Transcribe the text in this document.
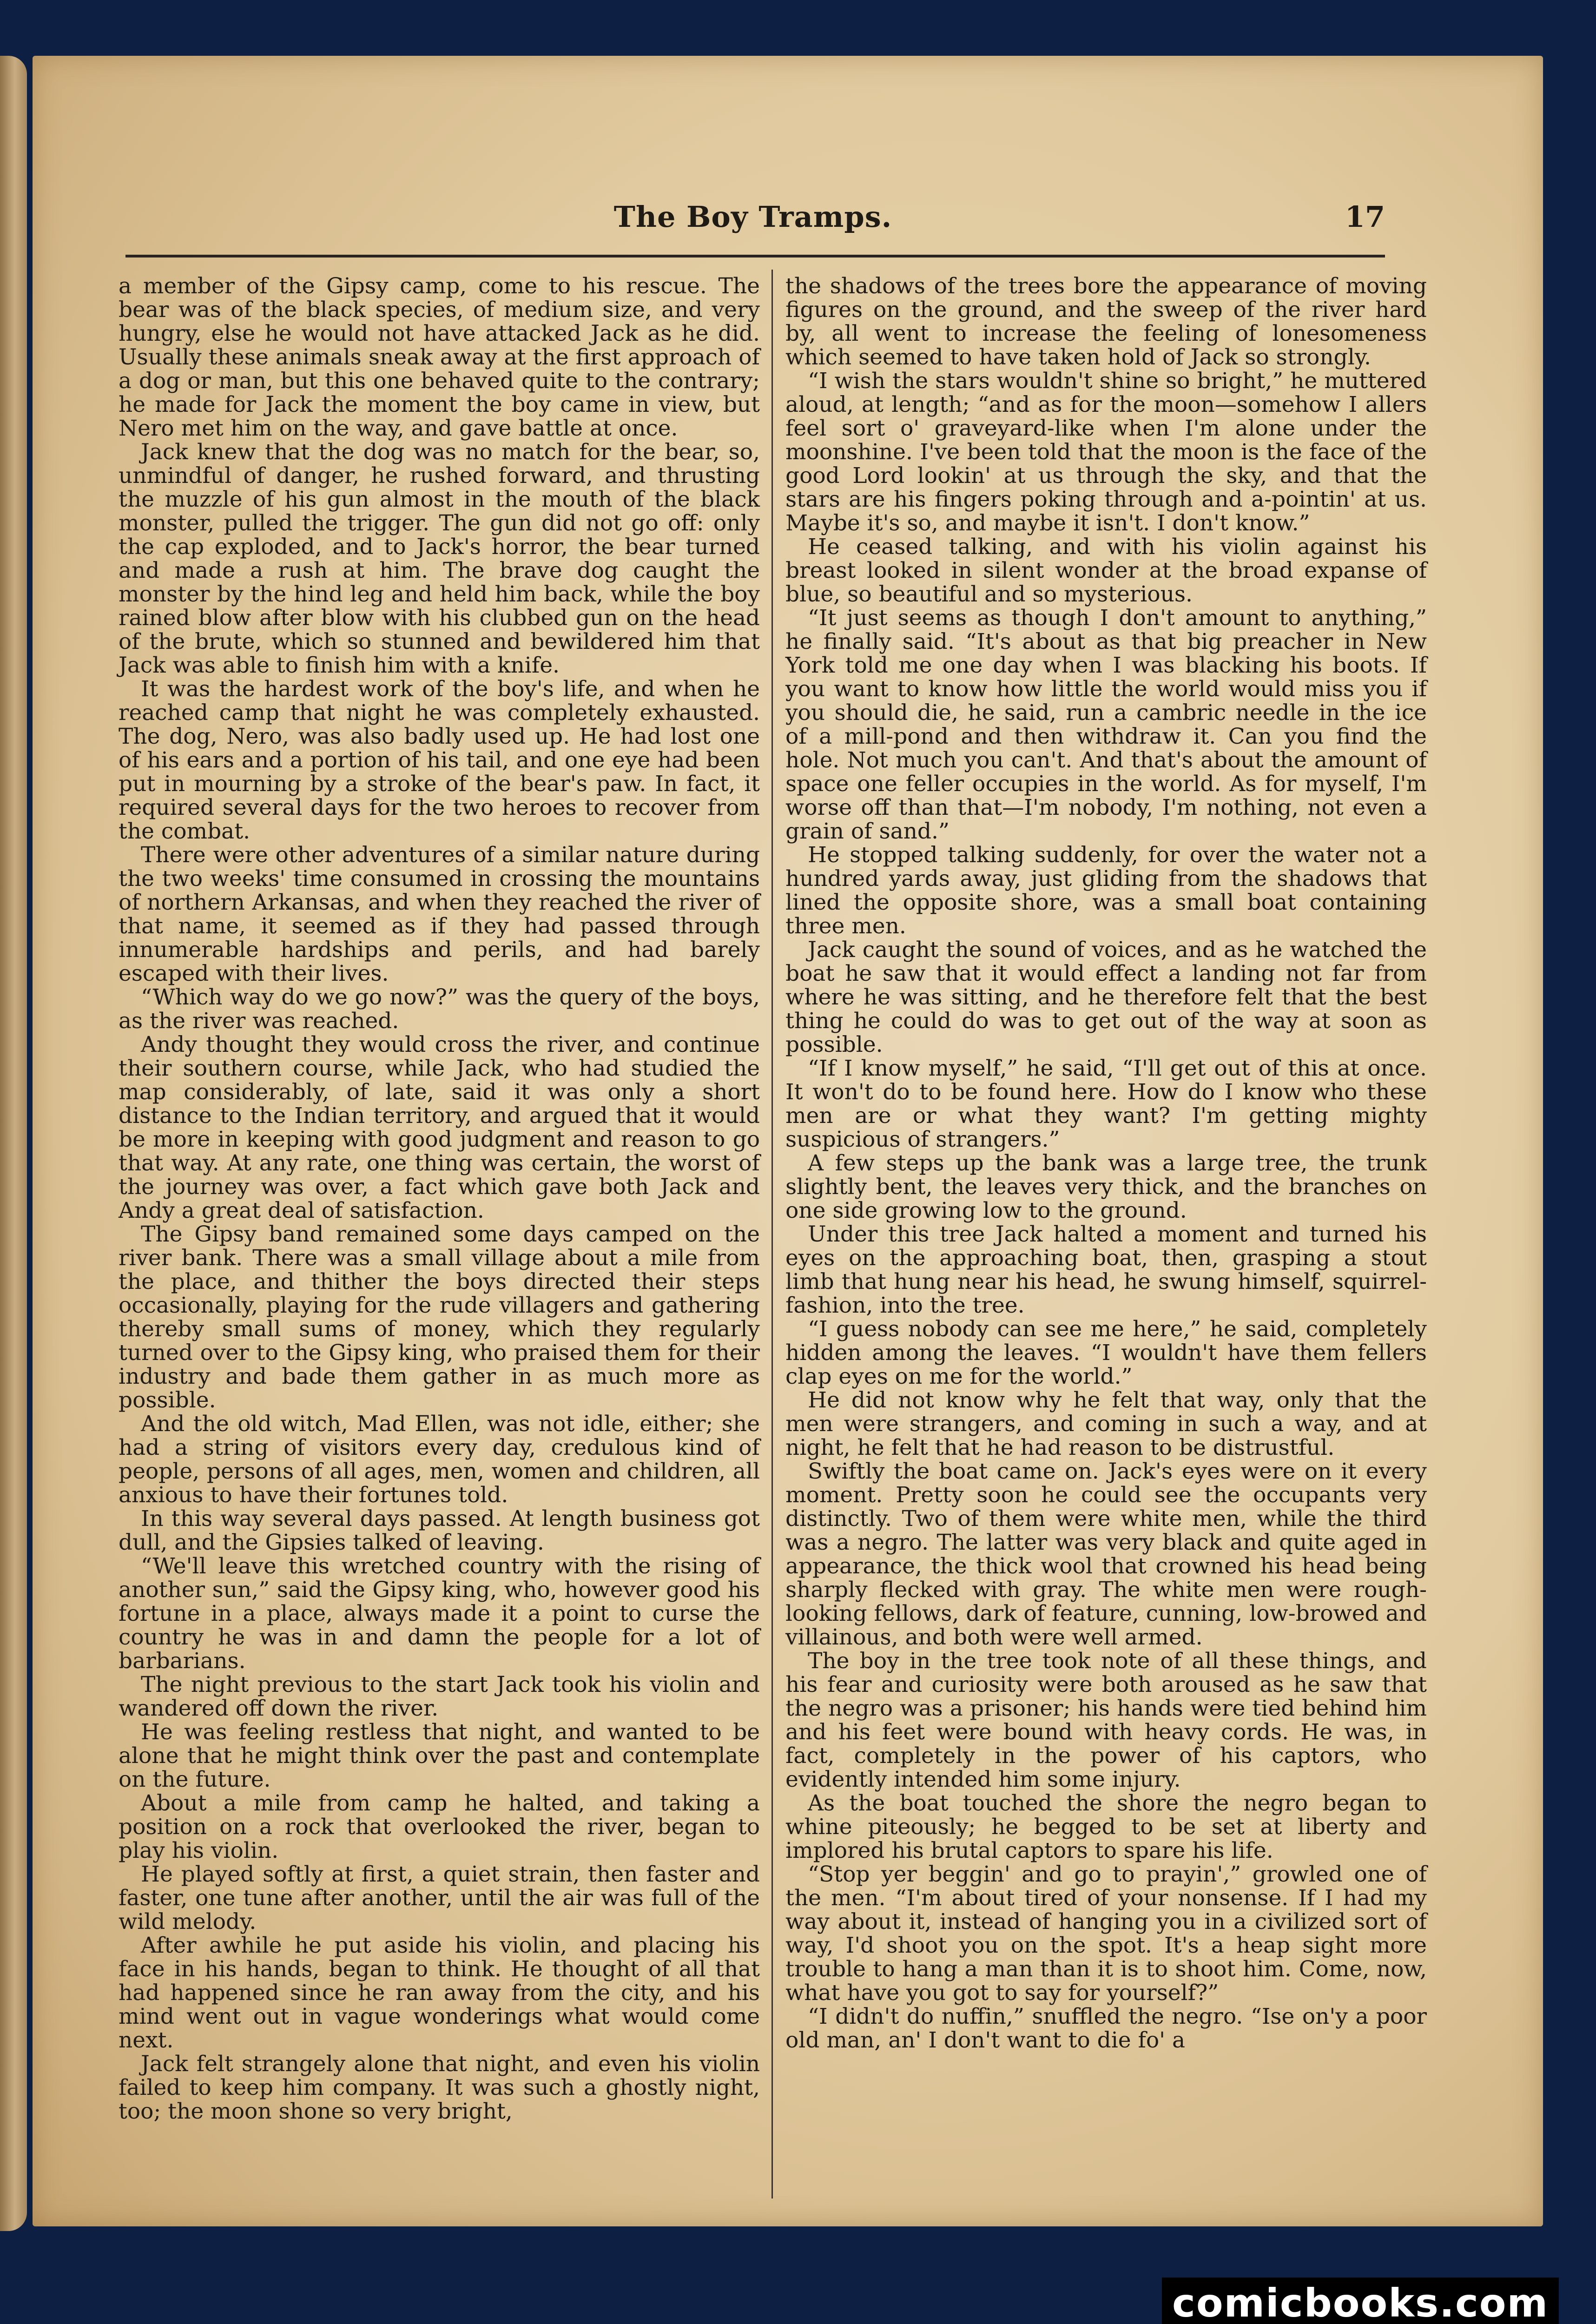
The Boy Tramps.	17

a member of the Gipsy camp, come to his rescue. The bear was of the black species, of medium size, and very hungry, else he would not have attacked Jack as he did. Usually these animals sneak away at the first approach of a dog or man, but this one behaved quite to the contrary; he made for Jack the moment the boy came in view, but Nero met him on the way, and gave battle at once.

Jack knew that the dog was no match for the bear, so, unmindful of danger, he rushed forward, and thrusting the muzzle of his gun almost in the mouth of the black monster, pulled the trigger. The gun did not go off: only the cap exploded, and to Jack's horror, the bear turned and made a rush at him. The brave dog caught the monster by the hind leg and held him back, while the boy rained blow after blow with his clubbed gun on the head of the brute, which so stunned and bewildered him that Jack was able to finish him with a knife.

It was the hardest work of the boy's life, and when he reached camp that night he was completely exhausted. The dog, Nero, was also badly used up. He had lost one of his ears and a portion of his tail, and one eye had been put in mourning by a stroke of the bear's paw. In fact, it required several days for the two heroes to recover from the combat.

There were other adventures of a similar nature during the two weeks' time consumed in crossing the mountains of northern Arkansas, and when they reached the river of that name, it seemed as if they had passed through innumerable hardships and perils, and had barely escaped with their lives.

“Which way do we go now?” was the query of the boys, as the river was reached.

Andy thought they would cross the river, and continue their southern course, while Jack, who had studied the map considerably, of late, said it was only a short distance to the Indian territory, and argued that it would be more in keeping with good judgment and reason to go that way. At any rate, one thing was certain, the worst of the journey was over, a fact which gave both Jack and Andy a great deal of satisfaction.

The Gipsy band remained some days camped on the river bank. There was a small village about a mile from the place, and thither the boys directed their steps occasionally, playing for the rude villagers and gathering thereby small sums of money, which they regularly turned over to the Gipsy king, who praised them for their industry and bade them gather in as much more as possible.

And the old witch, Mad Ellen, was not idle, either; she had a string of visitors every day, credulous kind of people, persons of all ages, men, women and children, all anxious to have their fortunes told.

In this way several days passed. At length business got dull, and the Gipsies talked of leaving.

“We'll leave this wretched country with the rising of another sun,” said the Gipsy king, who, however good his fortune in a place, always made it a point to curse the country he was in and damn the people for a lot of barbarians.

The night previous to the start Jack took his violin and wandered off down the river.

He was feeling restless that night, and wanted to be alone that he might think over the past and contemplate on the future.

About a mile from camp he halted, and taking a position on a rock that overlooked the river, began to play his violin.

He played softly at first, a quiet strain, then faster and faster, one tune after another, until the air was full of the wild melody.

After awhile he put aside his violin, and placing his face in his hands, began to think. He thought of all that had happened since he ran away from the city, and his mind went out in vague wonderings what would come next.

Jack felt strangely alone that night, and even his violin failed to keep him company. It was such a ghostly night, too; the moon shone so very bright,

the shadows of the trees bore the appearance of moving figures on the ground, and the sweep of the river hard by, all went to increase the feeling of lonesomeness which seemed to have taken hold of Jack so strongly.

“I wish the stars wouldn't shine so bright,” he muttered aloud, at length; “and as for the moon—somehow I allers feel sort o' graveyard-like when I'm alone under the moonshine. I've been told that the moon is the face of the good Lord lookin' at us through the sky, and that the stars are his fingers poking through and a-pointin' at us. Maybe it's so, and maybe it isn't. I don't know.”

He ceased talking, and with his violin against his breast looked in silent wonder at the broad expanse of blue, so beautiful and so mysterious.

“It just seems as though I don't amount to anything,” he finally said. “It's about as that big preacher in New York told me one day when I was blacking his boots. If you want to know how little the world would miss you if you should die, he said, run a cambric needle in the ice of a mill-pond and then withdraw it. Can you find the hole. Not much you can't. And that's about the amount of space one feller occupies in the world. As for myself, I'm worse off than that—I'm nobody, I'm nothing, not even a grain of sand.”

He stopped talking suddenly, for over the water not a hundred yards away, just gliding from the shadows that lined the opposite shore, was a small boat containing three men.

Jack caught the sound of voices, and as he watched the boat he saw that it would effect a landing not far from where he was sitting, and he therefore felt that the best thing he could do was to get out of the way at soon as possible.

“If I know myself,” he said, “I'll get out of this at once. It won't do to be found here. How do I know who these men are or what they want? I'm getting mighty suspicious of strangers.”

A few steps up the bank was a large tree, the trunk slightly bent, the leaves very thick, and the branches on one side growing low to the ground.

Under this tree Jack halted a moment and turned his eyes on the approaching boat, then, grasping a stout limb that hung near his head, he swung himself, squirrel-fashion, into the tree.

“I guess nobody can see me here,” he said, completely hidden among the leaves. “I wouldn't have them fellers clap eyes on me for the world.”

He did not know why he felt that way, only that the men were strangers, and coming in such a way, and at night, he felt that he had reason to be distrustful.

Swiftly the boat came on. Jack's eyes were on it every moment. Pretty soon he could see the occupants very distinctly. Two of them were white men, while the third was a negro. The latter was very black and quite aged in appearance, the thick wool that crowned his head being sharply flecked with gray. The white men were rough-looking fellows, dark of feature, cunning, low-browed and villainous, and both were well armed.

The boy in the tree took note of all these things, and his fear and curiosity were both aroused as he saw that the negro was a prisoner; his hands were tied behind him and his feet were bound with heavy cords. He was, in fact, completely in the power of his captors, who evidently intended him some injury.

As the boat touched the shore the negro began to whine piteously; he begged to be set at liberty and implored his brutal captors to spare his life.

“Stop yer beggin' and go to prayin',” growled one of the men. “I'm about tired of your nonsense. If I had my way about it, instead of hanging you in a civilized sort of way, I'd shoot you on the spot. It's a heap sight more trouble to hang a man than it is to shoot him. Come, now, what have you got to say for yourself?”

“I didn't do nuffin,” snuffled the negro. “Ise on'y a poor old man, an' I don't want to die fo' a

comicbooks.com
